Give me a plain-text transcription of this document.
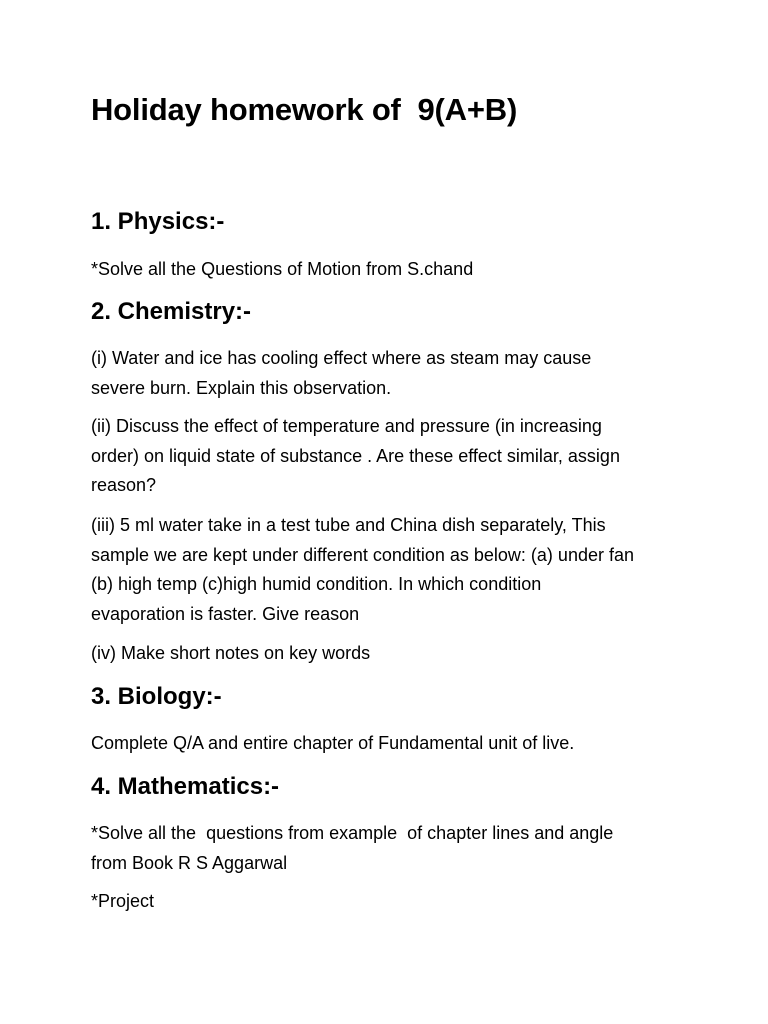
Holiday homework of  9(A+B)
1. Physics:-

*Solve all the Questions of Motion from S.chand

2. Chemistry:-

(i) Water and ice has cooling effect where as steam may cause
severe burn. Explain this observation.

(ii) Discuss the effect of temperature and pressure (in increasing
order) on liquid state of substance . Are these effect similar, assign
reason?

(iii) 5 ml water take in a test tube and China dish separately, This
sample we are kept under different condition as below: (a) under fan
(b) high temp (c)high humid condition. In which condition
evaporation is faster. Give reason

(iv) Make short notes on key words

3. Biology:-

Complete Q/A and entire chapter of Fundamental unit of live.

4. Mathematics:-

*Solve all the  questions from example  of chapter lines and angle
from Book R S Aggarwal

*Project
